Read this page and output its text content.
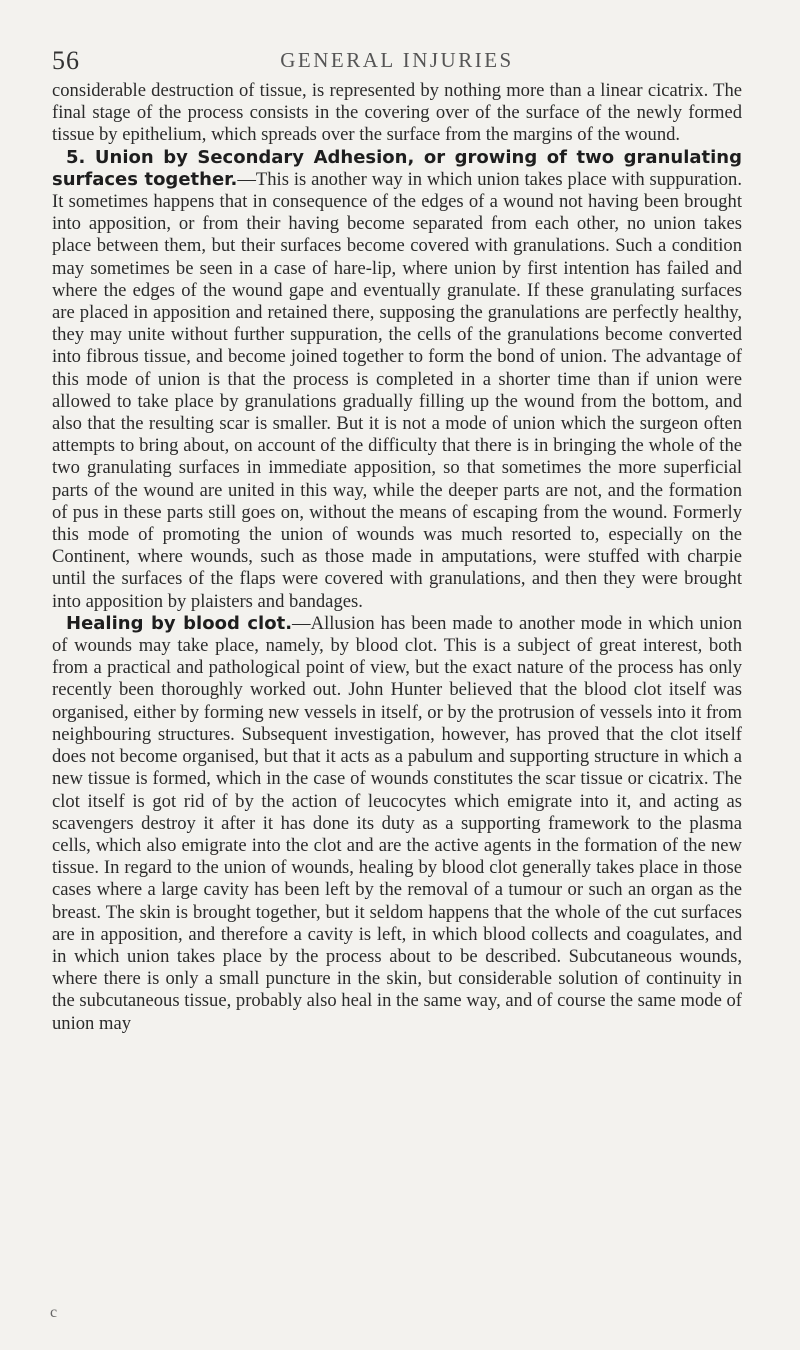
56	GENERAL INJURIES

considerable destruction of tissue, is represented by nothing more than a linear cicatrix. The final stage of the process consists in the covering over of the surface of the newly formed tissue by epithelium, which spreads over the surface from the margins of the wound.

5. Union by Secondary Adhesion, or growing of two granulating surfaces together.—This is another way in which union takes place with suppuration. It sometimes happens that in consequence of the edges of a wound not having been brought into apposition, or from their having become separated from each other, no union takes place between them, but their surfaces become covered with granulations. Such a condition may sometimes be seen in a case of hare-lip, where union by first intention has failed and where the edges of the wound gape and eventually granulate. If these granulating surfaces are placed in apposition and retained there, supposing the granulations are perfectly healthy, they may unite without further suppuration, the cells of the granulations become converted into fibrous tissue, and become joined together to form the bond of union. The advantage of this mode of union is that the process is completed in a shorter time than if union were allowed to take place by granulations gradually filling up the wound from the bottom, and also that the resulting scar is smaller. But it is not a mode of union which the surgeon often attempts to bring about, on account of the difficulty that there is in bringing the whole of the two granulating surfaces in immediate apposition, so that sometimes the more superficial parts of the wound are united in this way, while the deeper parts are not, and the formation of pus in these parts still goes on, without the means of escaping from the wound. Formerly this mode of promoting the union of wounds was much resorted to, especially on the Continent, where wounds, such as those made in amputations, were stuffed with charpie until the surfaces of the flaps were covered with granulations, and then they were brought into apposition by plaisters and bandages.

Healing by blood clot.—Allusion has been made to another mode in which union of wounds may take place, namely, by blood clot. This is a subject of great interest, both from a practical and pathological point of view, but the exact nature of the process has only recently been thoroughly worked out. John Hunter believed that the blood clot itself was organised, either by forming new vessels in itself, or by the protrusion of vessels into it from neighbouring structures. Subsequent investigation, however, has proved that the clot itself does not become organised, but that it acts as a pabulum and supporting structure in which a new tissue is formed, which in the case of wounds constitutes the scar tissue or cicatrix. The clot itself is got rid of by the action of leucocytes which emigrate into it, and acting as scavengers destroy it after it has done its duty as a supporting framework to the plasma cells, which also emigrate into the clot and are the active agents in the formation of the new tissue. In regard to the union of wounds, healing by blood clot generally takes place in those cases where a large cavity has been left by the removal of a tumour or such an organ as the breast. The skin is brought together, but it seldom happens that the whole of the cut surfaces are in apposition, and therefore a cavity is left, in which blood collects and coagulates, and in which union takes place by the process about to be described. Subcutaneous wounds, where there is only a small puncture in the skin, but considerable solution of continuity in the subcutaneous tissue, probably also heal in the same way, and of course the same mode of union may

c
